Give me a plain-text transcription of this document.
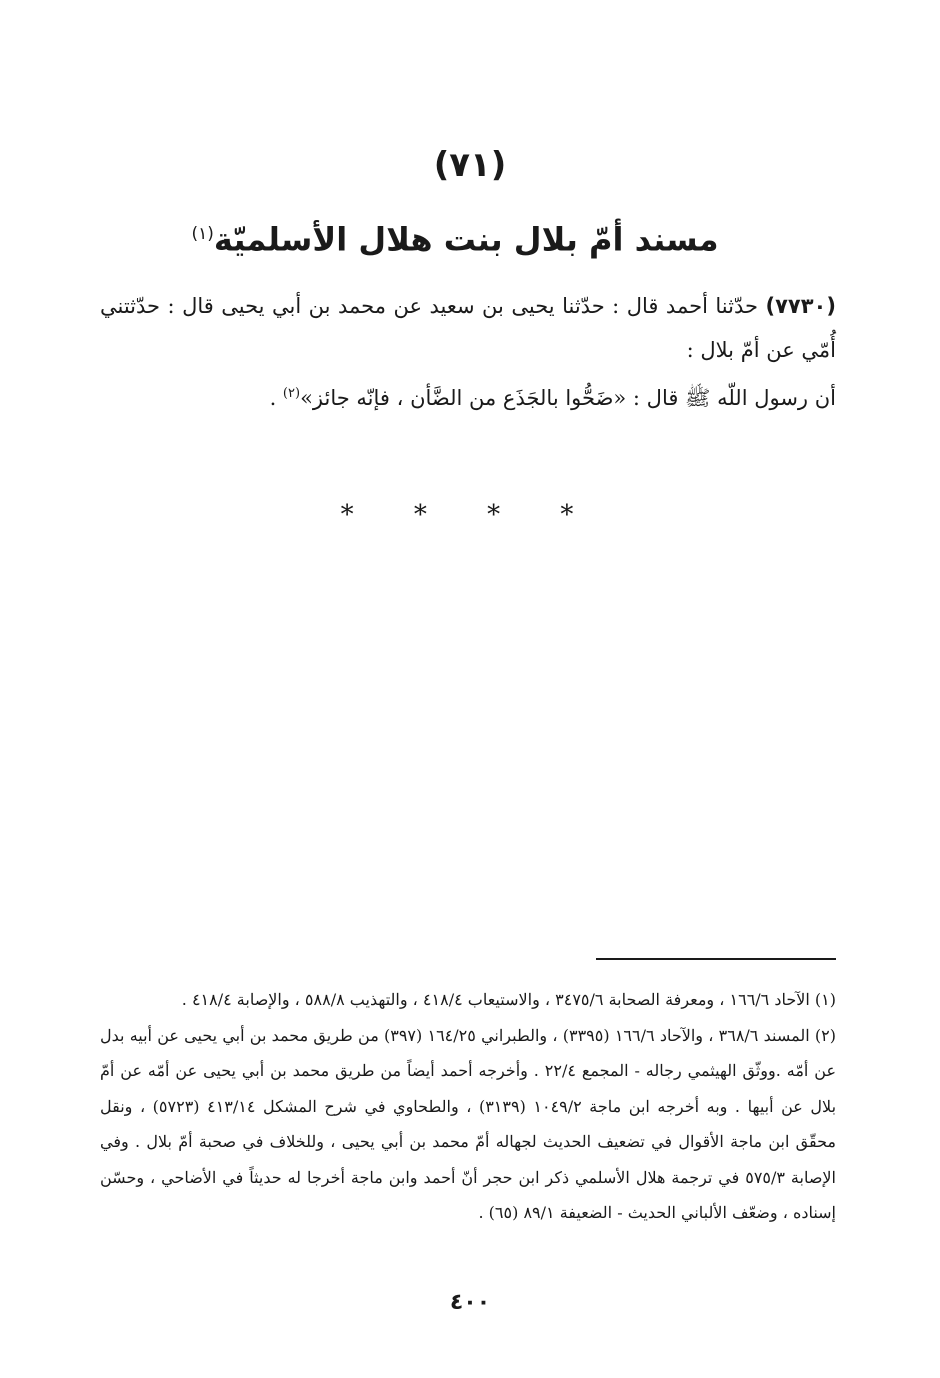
(٧١)
مسند أمّ بلال بنت هلال الأسلميّة$^{(١)}$

(٧٧٣٠) حدّثنا أحمد قال : حدّثنا يحيى بن سعيد عن محمد بن أبي يحيى قال : حدّثتني أُمّي عن أمّ بلال :

أن رسول اللّه ﷺ قال : «ضَحُّوا بالجَذَع من الضَّأن ، فإنّه جائز»$^{(٢)}$ .

* * * *

(١) الآحاد ١٦٦/٦ ، ومعرفة الصحابة ٣٤٧٥/٦ ، والاستيعاب ٤١٨/٤ ، والتهذيب ٥٨٨/٨ ، والإصابة ٤١٨/٤ .

(٢) المسند ٣٦٨/٦ ، والآحاد ١٦٦/٦ (٣٣٩٥) ، والطبراني ١٦٤/٢٥ (٣٩٧) من طريق محمد بن أبي يحيى عن أبيه بدل عن أمّه .ووثّق الهيثمي رجاله - المجمع ٢٢/٤ . وأخرجه أحمد أيضاً من طريق محمد بن أبي يحيى عن أمّه عن أمّ بلال عن أبيها . وبه أخرجه ابن ماجة ١٠٤٩/٢ (٣١٣٩) ، والطحاوي في شرح المشكل ٤١٣/١٤ (٥٧٢٣) ، ونقل محقّق ابن ماجة الأقوال في تضعيف الحديث لجهاله أمّ محمد بن أبي يحيى ، وللخلاف في صحبة أمّ بلال . وفي الإصابة ٥٧٥/٣ في ترجمة هلال الأسلمي ذكر ابن حجر أنّ أحمد وابن ماجة أخرجا له حديثاً في الأضاحي ، وحسّن إسناده ، وضعّف الألباني الحديث - الضعيفة ٨٩/١ (٦٥) .

٤٠٠
